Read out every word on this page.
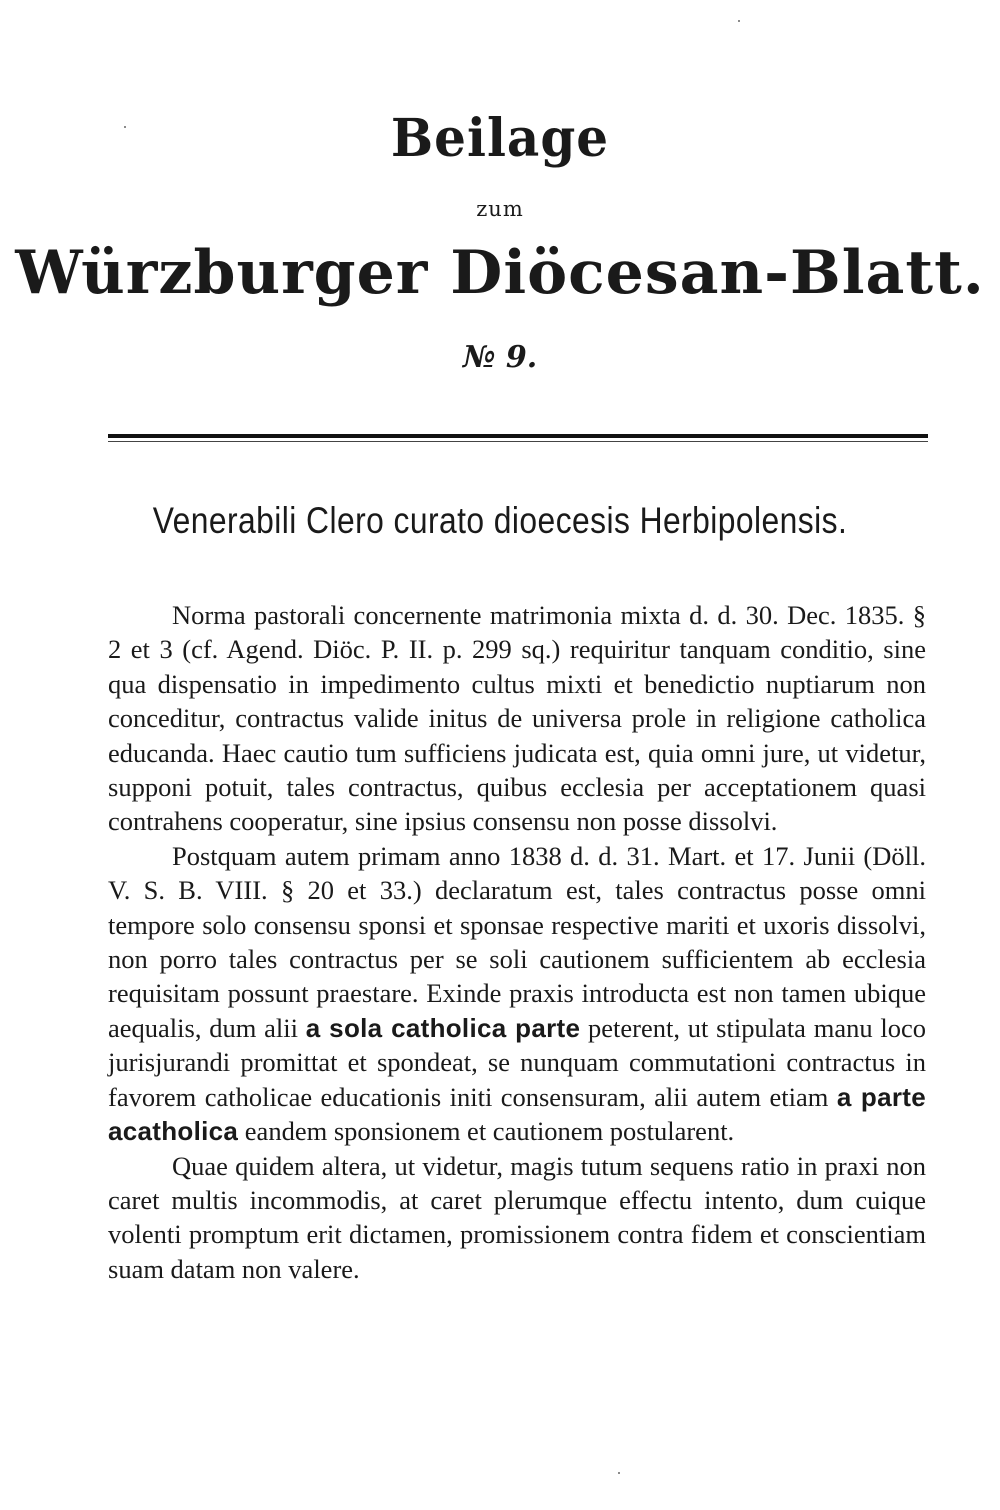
Beilage
zum
Würzburger Diöcesan-Blatt.
№ 9.
Venerabili Clero curato dioecesis Herbipolensis.

Norma pastorali concernente matrimonia mixta d. d. 30. Dec. 1835. § 2 et 3 (cf. Agend. Diöc. P. II. p. 299 sq.) requiritur tanquam conditio, sine qua dispensatio in impedimento cultus mixti et benedictio nuptiarum non conceditur, contractus valide initus de universa prole in religione catholica educanda. Haec cautio tum sufficiens judicata est, quia omni jure, ut videtur, supponi potuit, tales contractus, quibus ecclesia per acceptationem quasi contrahens cooperatur, sine ipsius consensu non posse dissolvi.

Postquam autem primam anno 1838 d. d. 31. Mart. et 17. Junii (Döll. V. S. B. VIII. § 20 et 33.) declaratum est, tales contractus posse omni tempore solo consensu sponsi et sponsae respective mariti et uxoris dissolvi, non porro tales contractus per se soli cautionem sufficientem ab ecclesia requisitam possunt praestare. Exinde praxis introducta est non tamen ubique aequalis, dum alii a sola catholica parte peterent, ut stipulata manu loco jurisjurandi promittat et spondeat, se nunquam commutationi contractus in favorem catholicae educationis initi consensuram, alii autem etiam a parte acatholica eandem sponsionem et cautionem postularent.

Quae quidem altera, ut videtur, magis tutum sequens ratio in praxi non caret multis incommodis, at caret plerumque effectu intento, dum cuique volenti promptum erit dictamen, promissionem contra fidem et conscientiam suam datam non valere.
